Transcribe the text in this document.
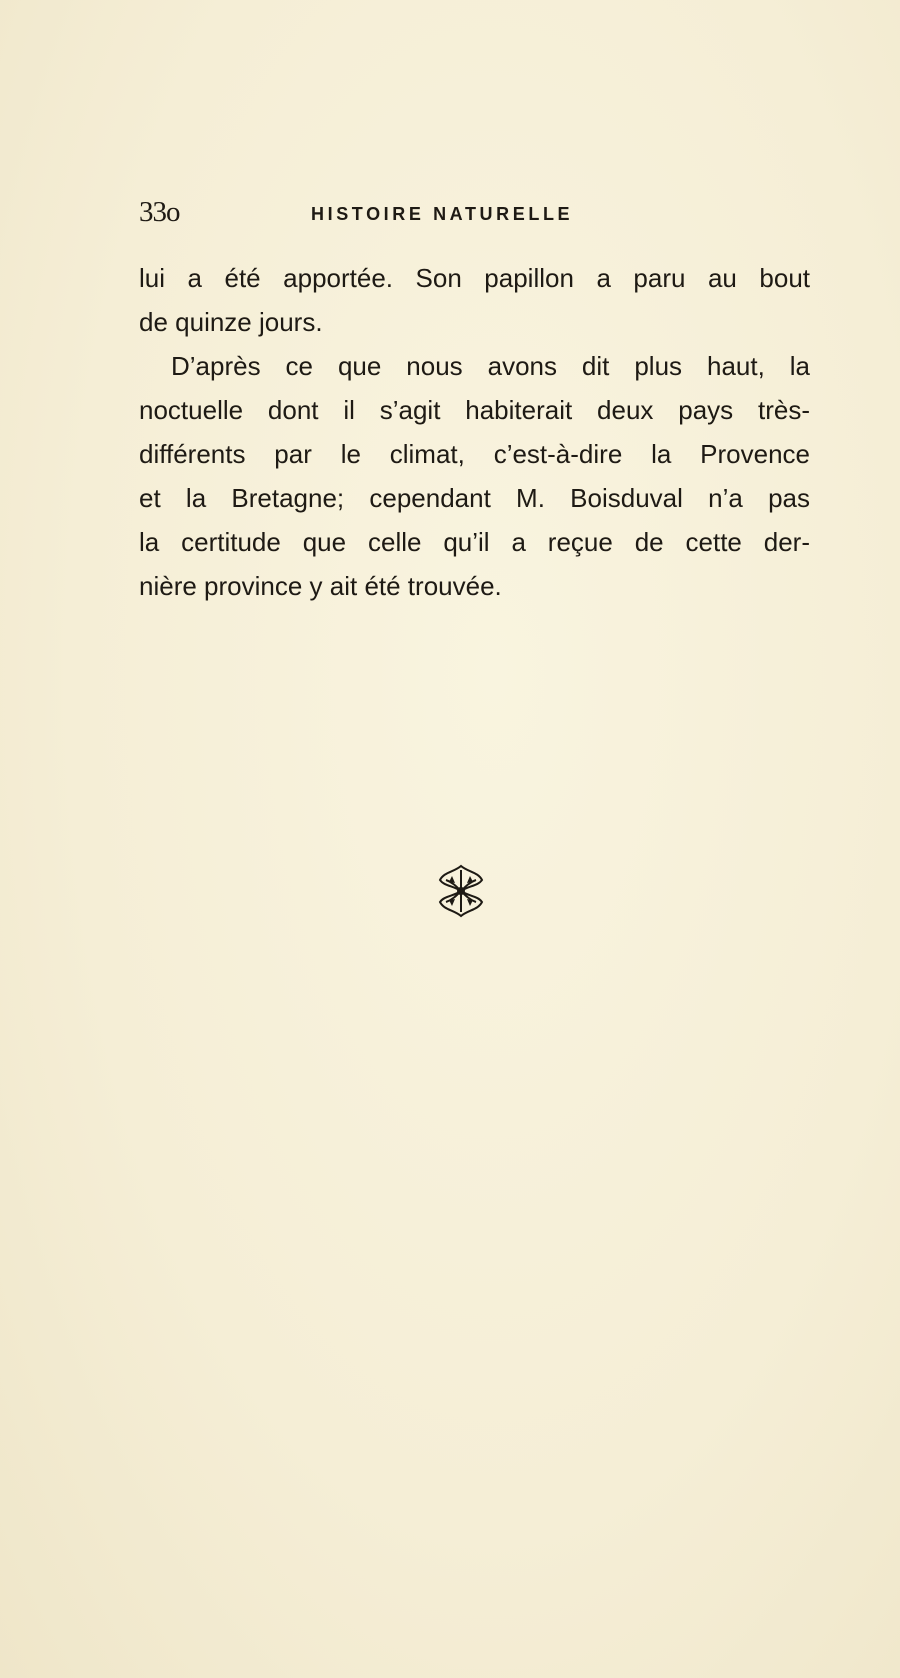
33o	HISTOIRE NATURELLE
lui a été apportée. Son papillon a paru au bout
de quinze jours.
D’après ce que nous avons dit plus haut, la
noctuelle dont il s’agit habiterait deux pays très-
différents par le climat, c’est-à-dire la Provence
et la Bretagne; cependant M. Boisduval n’a pas
la certitude que celle qu’il a reçue de cette der-
nière province y ait été trouvée.
